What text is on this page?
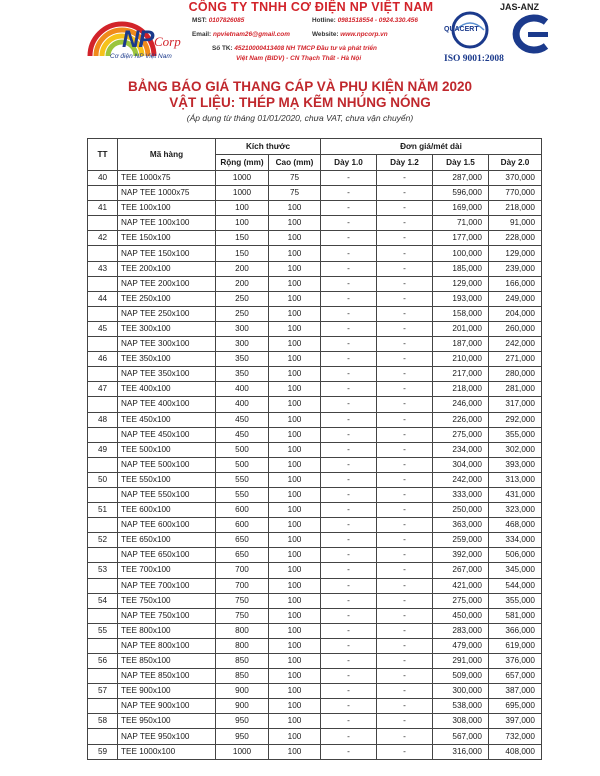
NP Corp
Cơ điện NP Việt Nam
CÔNG TY TNHH CƠ ĐIỆN NP VIỆT NAM
MST: 0107826085	Hotline: 0981518554 - 0924.330.456
Email: npvietnam26@gmail.com	Website: www.npcorp.vn
Số TK: 45210000413408 NH TMCP Đầu tư và phát triển
Việt Nam (BIDV) - CN Thạch Thất - Hà Nội
JAS-ANZ
QUACERT
ISO 9001:2008
BẢNG BÁO GIÁ THANG CÁP VÀ PHỤ KIỆN NĂM 2020
VẬT LIỆU: THÉP MẠ KẼM NHÚNG NÓNG
(Áp dụng từ tháng 01/01/2020, chưa VAT, chưa vận chuyển)
TT	Mã hàng	Kích thước		Đơn giá/mét dài			
		Rộng (mm)	Cao (mm)	Dày 1.0	Dày 1.2	Dày 1.5	Dày 2.0
40	TEE 1000x75	1000	75	-	-	287,000	370,000
	NAP TEE 1000x75	1000	75	-	-	596,000	770,000
41	TEE 100x100	100	100	-	-	169,000	218,000
	NAP TEE 100x100	100	100	-	-	71,000	91,000
42	TEE 150x100	150	100	-	-	177,000	228,000
	NAP TEE 150x100	150	100	-	-	100,000	129,000
43	TEE 200x100	200	100	-	-	185,000	239,000
	NAP TEE 200x100	200	100	-	-	129,000	166,000
44	TEE 250x100	250	100	-	-	193,000	249,000
	NAP TEE 250x100	250	100	-	-	158,000	204,000
45	TEE 300x100	300	100	-	-	201,000	260,000
	NAP TEE 300x100	300	100	-	-	187,000	242,000
46	TEE 350x100	350	100	-	-	210,000	271,000
	NAP TEE 350x100	350	100	-	-	217,000	280,000
47	TEE 400x100	400	100	-	-	218,000	281,000
	NAP TEE 400x100	400	100	-	-	246,000	317,000
48	TEE 450x100	450	100	-	-	226,000	292,000
	NAP TEE 450x100	450	100	-	-	275,000	355,000
49	TEE 500x100	500	100	-	-	234,000	302,000
	NAP TEE 500x100	500	100	-	-	304,000	393,000
50	TEE 550x100	550	100	-	-	242,000	313,000
	NAP TEE 550x100	550	100	-	-	333,000	431,000
51	TEE 600x100	600	100	-	-	250,000	323,000
	NAP TEE 600x100	600	100	-	-	363,000	468,000
52	TEE 650x100	650	100	-	-	259,000	334,000
	NAP TEE 650x100	650	100	-	-	392,000	506,000
53	TEE 700x100	700	100	-	-	267,000	345,000
	NAP TEE 700x100	700	100	-	-	421,000	544,000
54	TEE 750x100	750	100	-	-	275,000	355,000
	NAP TEE 750x100	750	100	-	-	450,000	581,000
55	TEE 800x100	800	100	-	-	283,000	366,000
	NAP TEE 800x100	800	100	-	-	479,000	619,000
56	TEE 850x100	850	100	-	-	291,000	376,000
	NAP TEE 850x100	850	100	-	-	509,000	657,000
57	TEE 900x100	900	100	-	-	300,000	387,000
	NAP TEE 900x100	900	100	-	-	538,000	695,000
58	TEE 950x100	950	100	-	-	308,000	397,000
	NAP TEE 950x100	950	100	-	-	567,000	732,000
59	TEE 1000x100	1000	100	-	-	316,000	408,000
